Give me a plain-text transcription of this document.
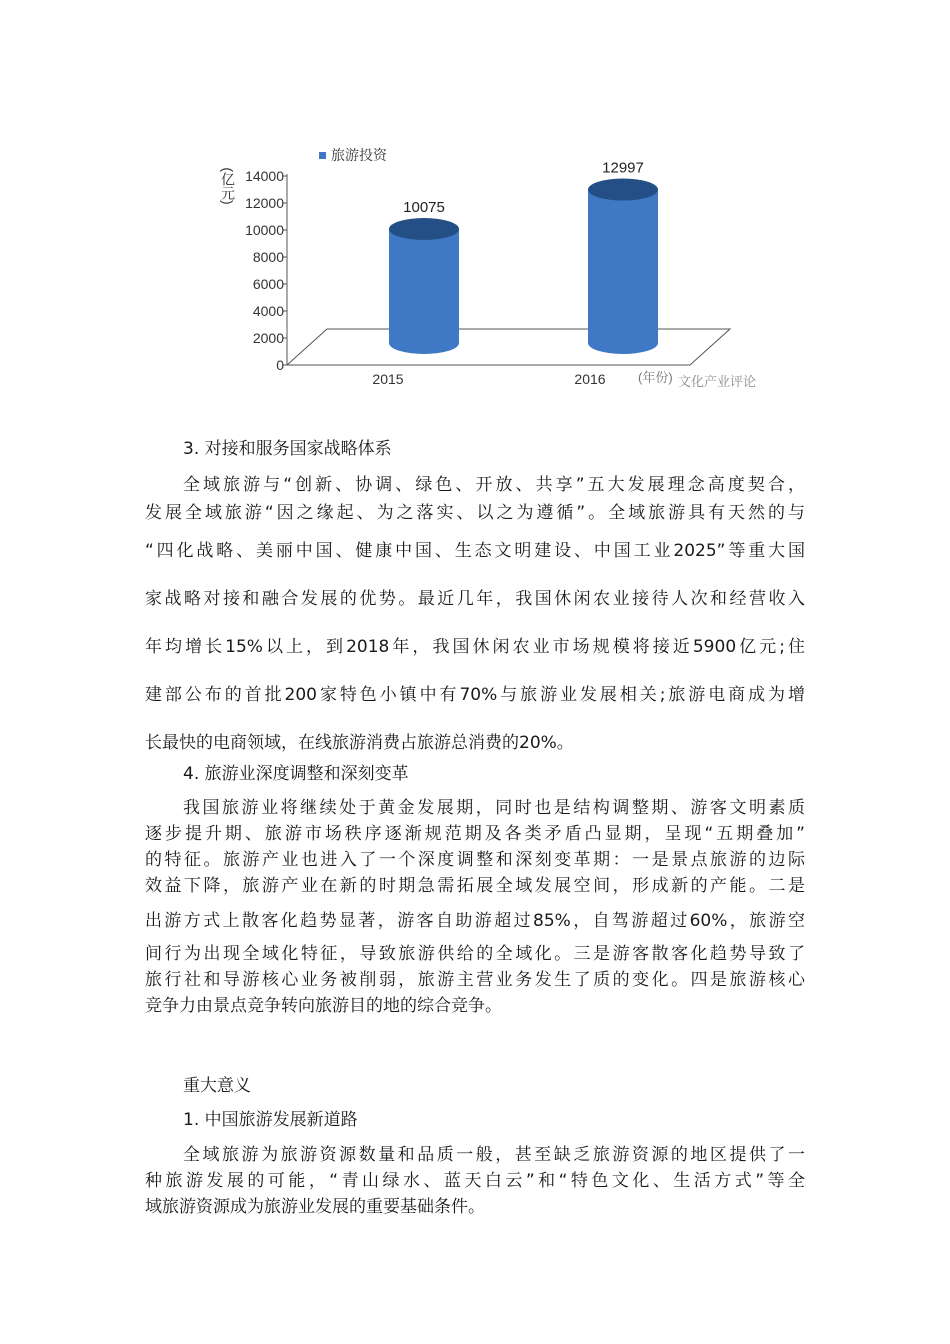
0
2000
4000
6000
8000
10000
12000
14000
(亿元)
旅游投资
10075
2015
12997
2016 (年份) 文化产业评论
3. 对接和服务国家战略体系
全域旅游与“创新、协调、绿色、开放、共享”五大发展理念高度契合，
发展全域旅游“因之缘起、为之落实、以之为遵循”。全域旅游具有天然的与
“四化战略、美丽中国、健康中国、生态文明建设、中国工业2025”等重大国
家战略对接和融合发展的优势。最近几年，我国休闲农业接待人次和经营收入
年均增长15%以上，到2018年，我国休闲农业市场规模将接近5900亿元;住
建部公布的首批200家特色小镇中有70%与旅游业发展相关;旅游电商成为增
长最快的电商领域，在线旅游消费占旅游总消费的20%。
4. 旅游业深度调整和深刻变革
我国旅游业将继续处于黄金发展期，同时也是结构调整期、游客文明素质
逐步提升期、旅游市场秩序逐渐规范期及各类矛盾凸显期，呈现“五期叠加”
的特征。旅游产业也进入了一个深度调整和深刻变革期：一是景点旅游的边际
效益下降，旅游产业在新的时期急需拓展全域发展空间，形成新的产能。二是
出游方式上散客化趋势显著，游客自助游超过85%，自驾游超过60%，旅游空
间行为出现全域化特征，导致旅游供给的全域化。三是游客散客化趋势导致了
旅行社和导游核心业务被削弱，旅游主营业务发生了质的变化。四是旅游核心
竞争力由景点竞争转向旅游目的地的综合竞争。
重大意义
1. 中国旅游发展新道路
全域旅游为旅游资源数量和品质一般，甚至缺乏旅游资源的地区提供了一
种旅游发展的可能，“青山绿水、蓝天白云”和“特色文化、生活方式”等全
域旅游资源成为旅游业发展的重要基础条件。
